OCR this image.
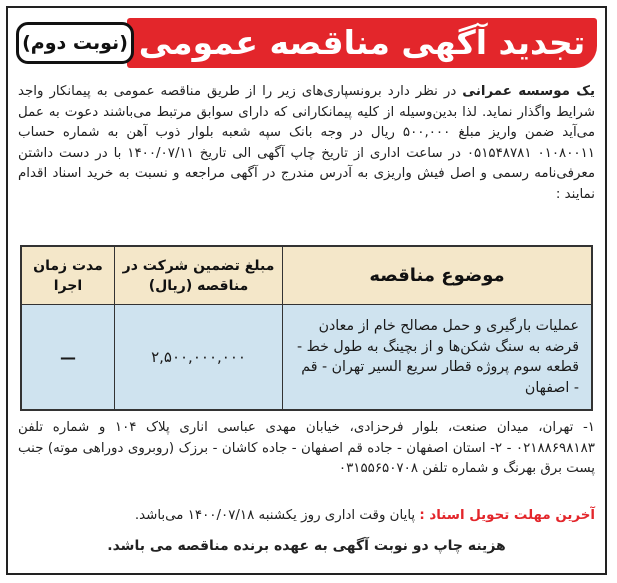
تجدید آگهی مناقصه عمومی
(نوبت دوم)
یک موسسه عمرانی در نظر دارد برونسپاری‌های زیر را از طریق مناقصه عمومی به پیمانکار واجد شرایط واگذار نماید. لذا بدین‌وسیله از کلیه پیمانکارانی که دارای سوابق مرتبط می‌باشند دعوت به عمل می‌آید ضمن واریز مبلغ ۵۰۰,۰۰۰ ریال در وجه بانک سپه شعبه بلوار ذوب آهن به شماره حساب ۰۱۰۸۰۰۱۱ ۰۵۱۵۴۸۷۸۱ در ساعت اداری از تاریخ چاپ آگهی الی تاریخ ۱۴۰۰/۰۷/۱۱ با در دست داشتن معرفی‌نامه رسمی و اصل فیش واریزی به آدرس مندرج در آگهی مراجعه و نسبت به خرید اسناد اقدام نمایند :
موضوع مناقصه
مبلغ تضمین شرکت در مناقصه (ریال)
مدت زمان اجرا
عملیات بارگیری و حمل مصالح خام از معادن قرضه به سنگ شکن‌ها و از بچینگ به طول خط - قطعه سوم پروژه قطار سریع السیر تهران - قم - اصفهان
۲,۵۰۰,۰۰۰,۰۰۰
—
۱- تهران، میدان صنعت، بلوار فرحزادی، خیابان مهدی عباسی اناری پلاک ۱۰۴ و شماره تلفن ۰۲۱۸۸۶۹۸۱۸۳ - ۲- استان اصفهان - جاده قم اصفهان - جاده کاشان - برزک (روبروی دوراهی موته) جنب پست برق بهرنگ و شماره تلفن ۰۳۱۵۵۶۵۰۷۰۸
آخرین مهلت تحویل اسناد : پایان وقت اداری روز یکشنبه ۱۴۰۰/۰۷/۱۸ می‌باشد.
هزینه چاپ دو نوبت آگهی به عهده برنده مناقصه می باشد.
